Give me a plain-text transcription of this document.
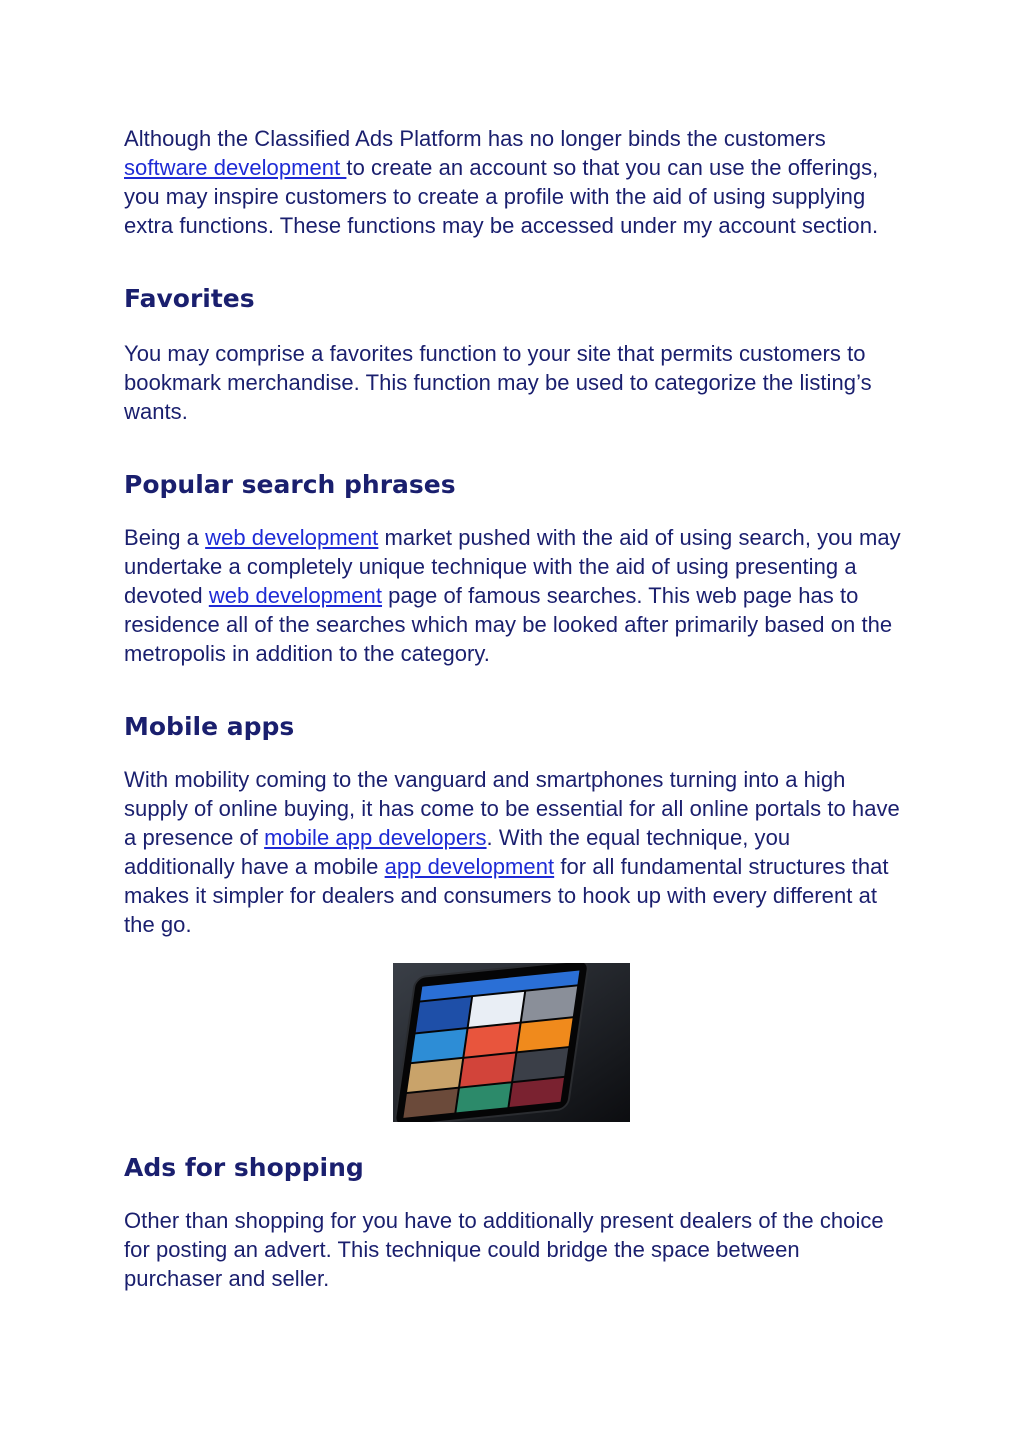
Although the Classified Ads Platform has no longer binds the customers
software development to create an account so that you can use the offerings, you may inspire customers to create a profile with the aid of using supplying extra functions. These functions may be accessed under my account section.

Favorites

You may comprise a favorites function to your site that permits customers to bookmark merchandise. This function may be used to categorize the listing’s wants.

Popular search phrases

Being a web development market pushed with the aid of using search, you may undertake a completely unique technique with the aid of using presenting a devoted web development page of famous searches. This web page has to residence all of the searches which may be looked after primarily based on the metropolis in addition to the category.

Mobile apps

With mobility coming to the vanguard and smartphones turning into a high supply of online buying, it has come to be essential for all online portals to have a presence of mobile app developers. With the equal technique, you additionally have a mobile app development for all fundamental structures that makes it simpler for dealers and consumers to hook up with every different at the go.

Ads for shopping

Other than shopping for you have to additionally present dealers of the choice for posting an advert. This technique could bridge the space between purchaser and seller.
